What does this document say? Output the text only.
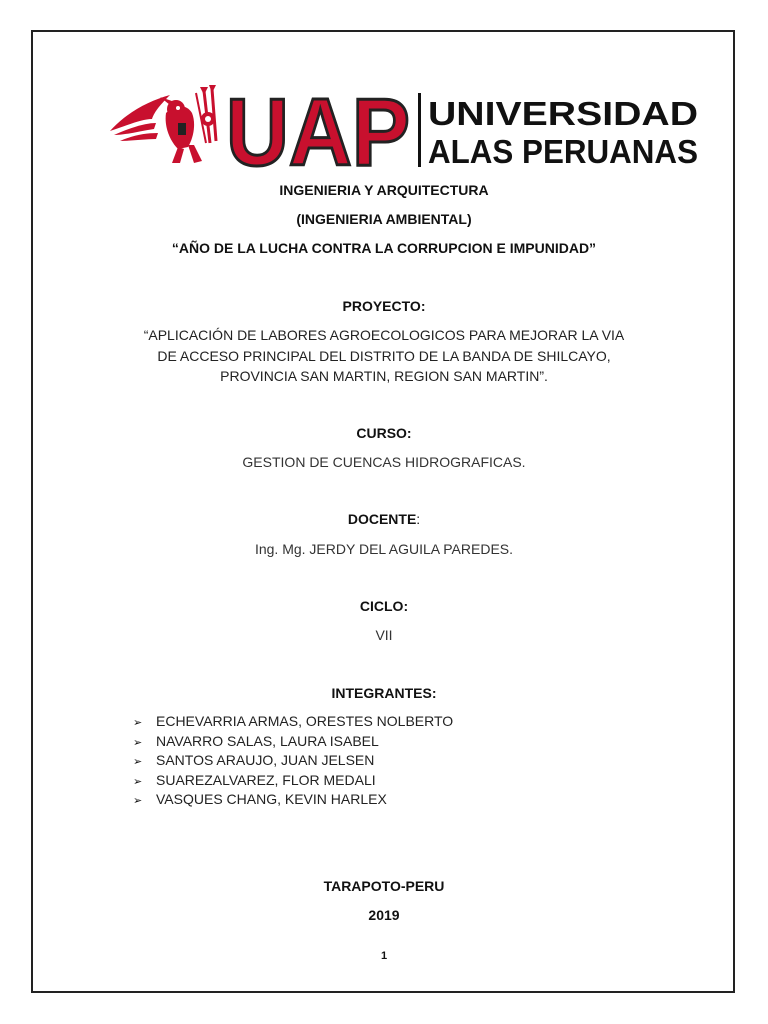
UAP UNIVERSIDAD
ALAS PERUANAS
INGENIERIA Y ARQUITECTURA
(INGENIERIA AMBIENTAL)
“AÑO DE LA LUCHA CONTRA LA CORRUPCION E IMPUNIDAD”
PROYECTO:
“APLICACIÓN DE LABORES AGROECOLOGICOS PARA MEJORAR LA VIA
DE ACCESO PRINCIPAL DEL DISTRITO DE LA BANDA DE SHILCAYO,
PROVINCIA SAN MARTIN, REGION SAN MARTIN”.
CURSO:
GESTION DE CUENCAS HIDROGRAFICAS.
DOCENTE:
Ing. Mg. JERDY DEL AGUILA PAREDES.
CICLO:
VII
INTEGRANTES:
➢ ECHEVARRIA ARMAS, ORESTES NOLBERTO
➢ NAVARRO SALAS, LAURA ISABEL
➢ SANTOS ARAUJO, JUAN JELSEN
➢ SUAREZALVAREZ, FLOR MEDALI
➢ VASQUES CHANG, KEVIN HARLEX
TARAPOTO-PERU
2019
1
